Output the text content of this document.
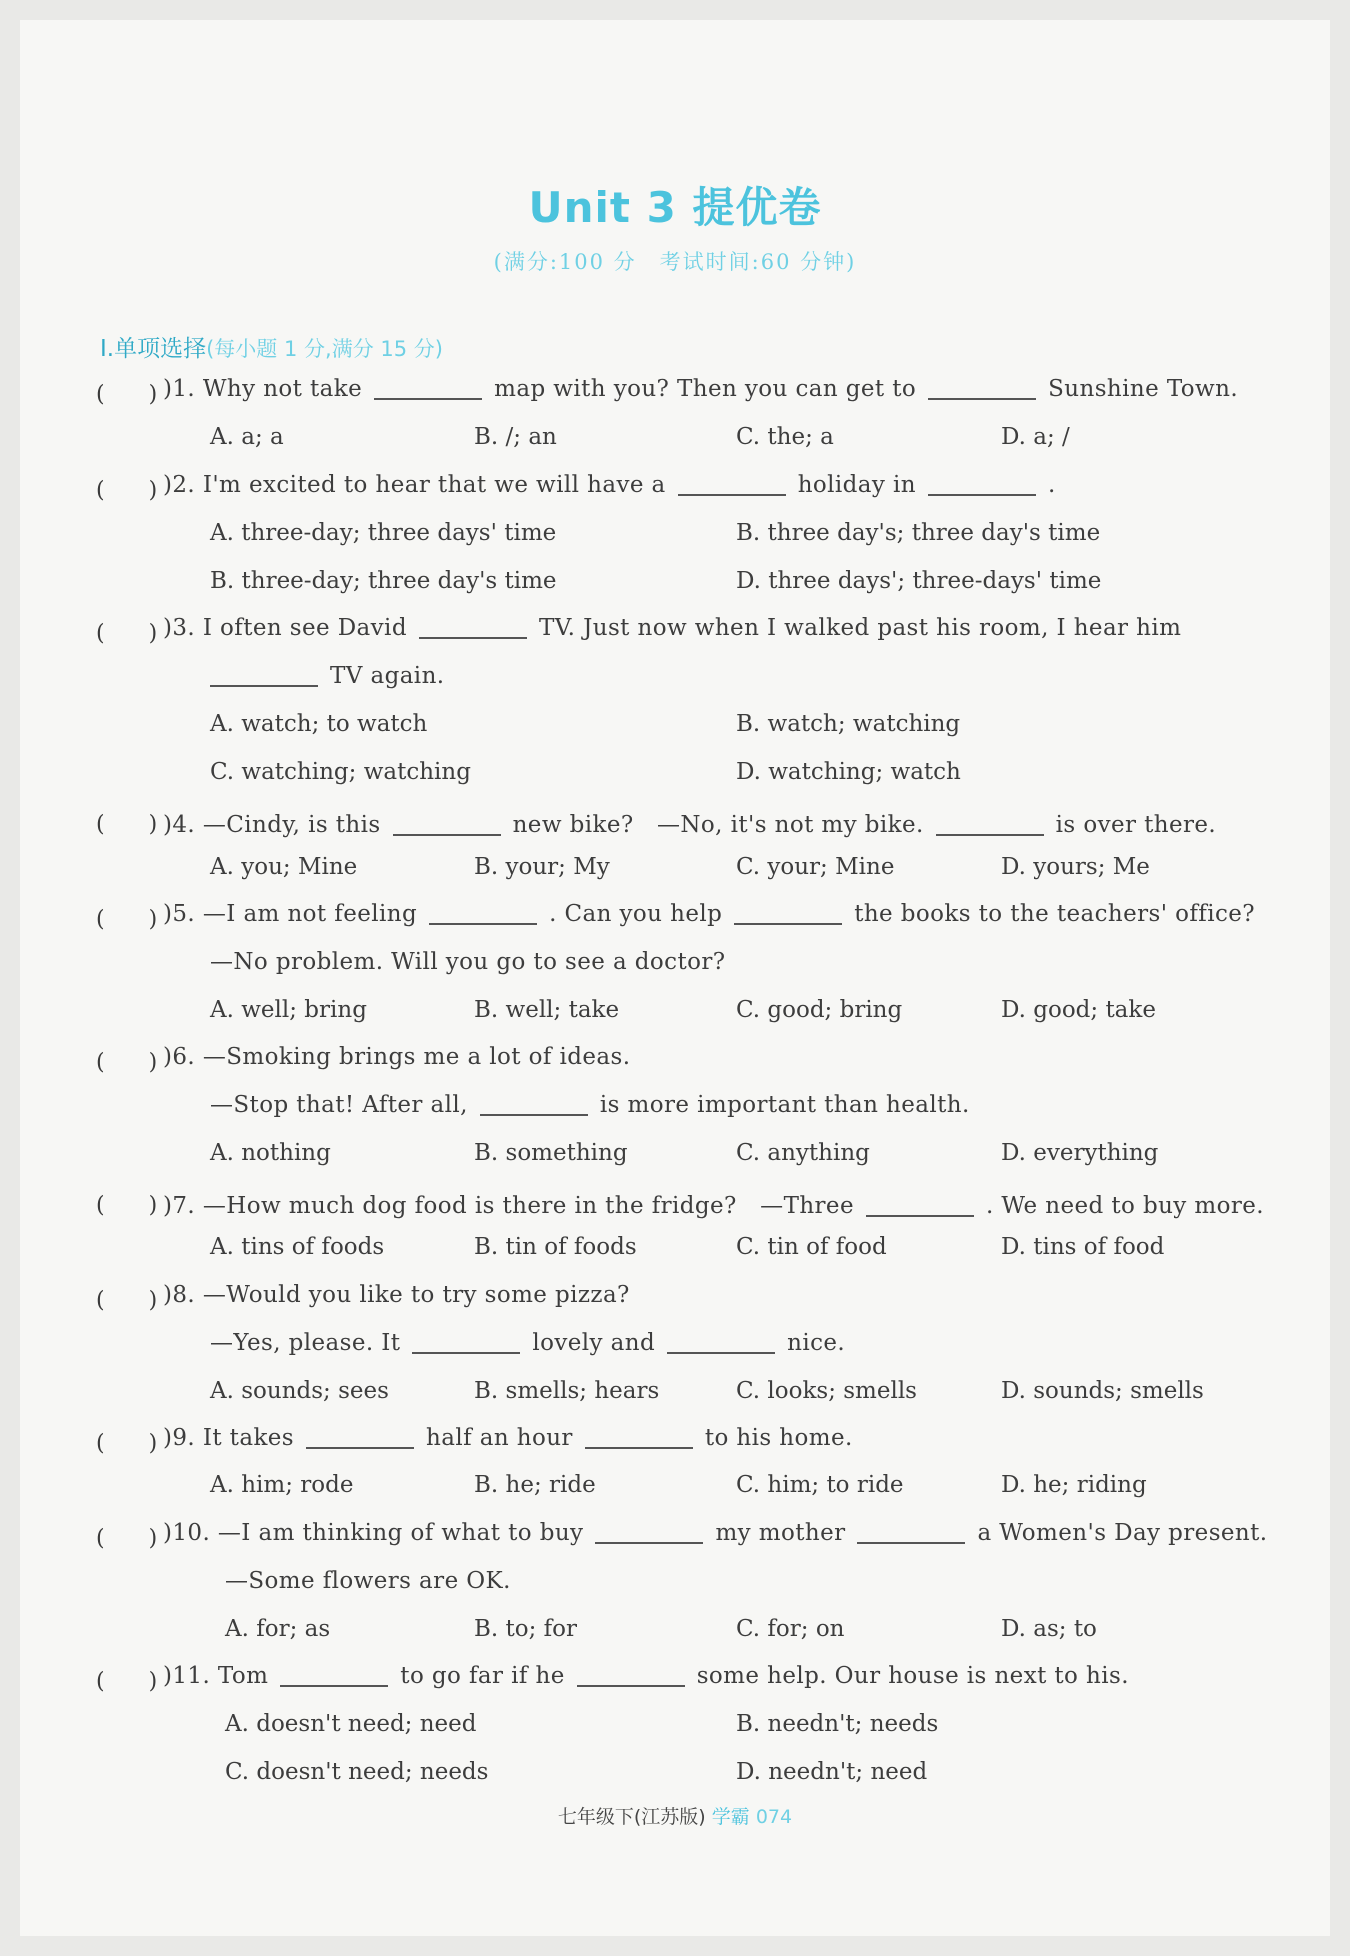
Unit 3 提优卷
(满分:100 分　考试时间:60 分钟)
Ⅰ.单项选择(每小题 1 分,满分 15 分)
(　　) )1. Why not take	map with you? Then you can get to	Sunshine Town.
A. a; a	B. /; an	C. the; a	D. a; /
(　　) )2. I'm excited to hear that we will have a	holiday in	.
A. three-day; three days' time	B. three day's; three day's time
B. three-day; three day's time	D. three days'; three-days' time
(　　) )3. I often see David	TV. Just now when I walked past his room, I hear him
TV again.
A. watch; to watch	B. watch; watching
C. watching; watching	D. watching; watch
(　　) )4. —Cindy, is this	new bike?　—No, it's not my bike.	is over there.
A. you; Mine	B. your; My	C. your; Mine	D. yours; Me
(　　) )5. —I am not feeling	. Can you help	the books to the teachers' office?
—No problem. Will you go to see a doctor?
A. well; bring	B. well; take	C. good; bring	D. good; take
(　　) )6. —Smoking brings me a lot of ideas.
—Stop that! After all,	is more important than health.
A. nothing	B. something	C. anything	D. everything
(　　) )7. —How much dog food is there in the fridge?　—Three	. We need to buy more.
A. tins of foods	B. tin of foods	C. tin of food	D. tins of food
(　　) )8. —Would you like to try some pizza?
—Yes, please. It	lovely and	nice.
A. sounds; sees	B. smells; hears	C. looks; smells	D. sounds; smells
(　　) )9. It takes	half an hour	to his home.
A. him; rode	B. he; ride	C. him; to ride	D. he; riding
(　　) )10. —I am thinking of what to buy	my mother	a Women's Day present.
—Some flowers are OK.
A. for; as	B. to; for	C. for; on	D. as; to
(　　) )11. Tom	to go far if he	some help. Our house is next to his.
A. doesn't need; need	B. needn't; needs
C. doesn't need; needs	D. needn't; need
七年级下(江苏版) 学霸 074
